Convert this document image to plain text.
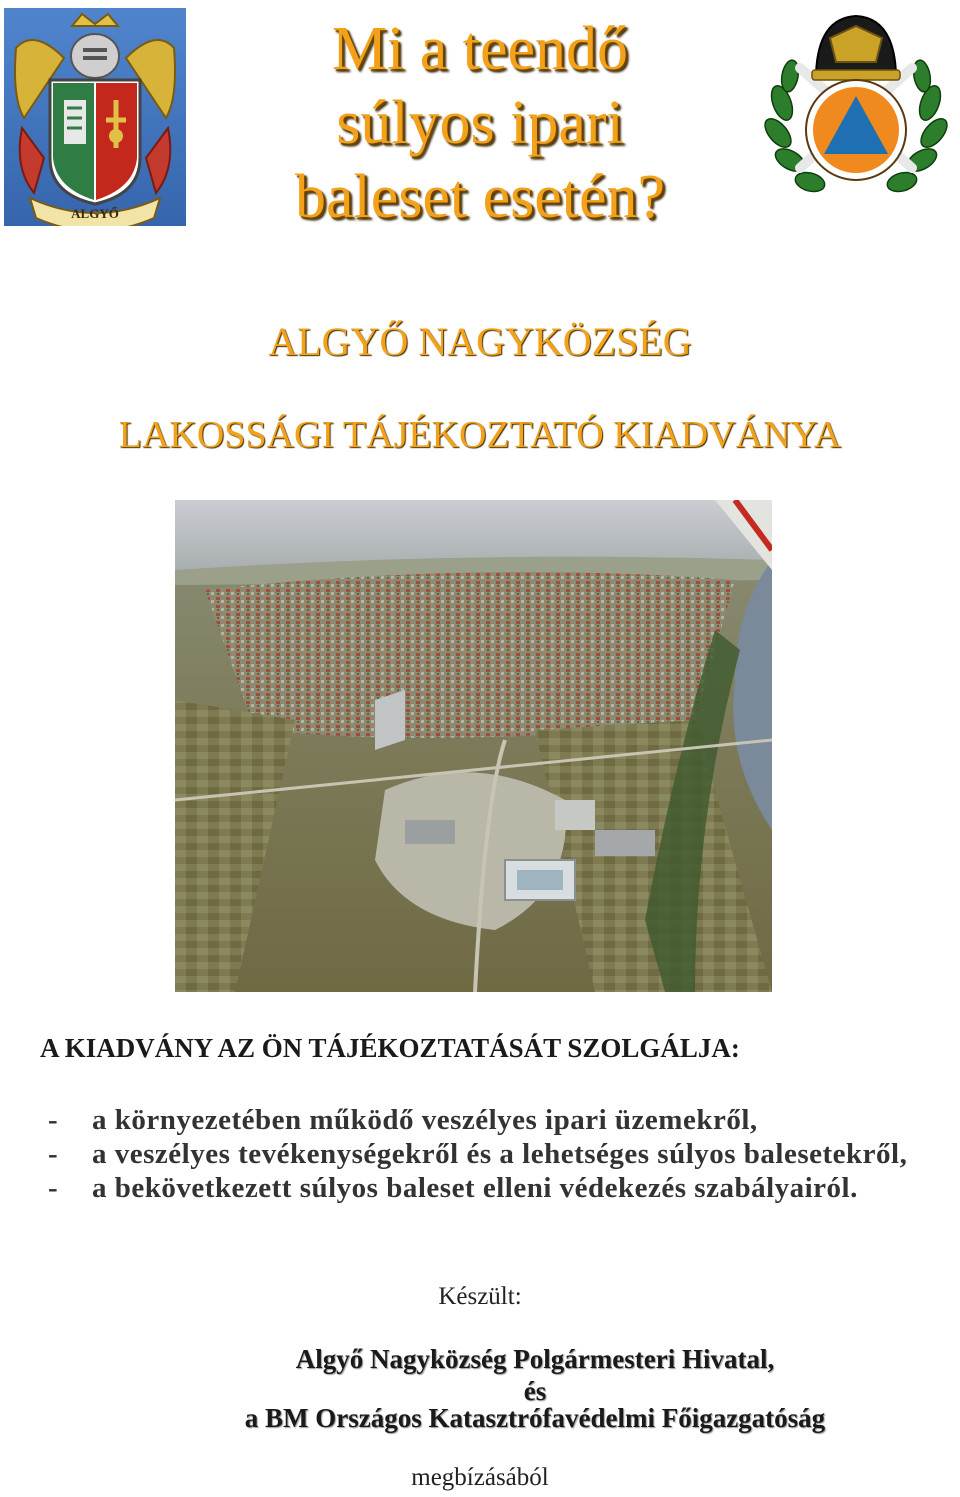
ALGYŐ
Mi a teendő
súlyos ipari
baleset esetén?
ALGYŐ NAGYKÖZSÉG
LAKOSSÁGI TÁJÉKOZTATÓ KIADVÁNYA
A KIADVÁNY AZ ÖN TÁJÉKOZTATÁSÁT SZOLGÁLJA:
- a környezetében működő veszélyes ipari üzemekről,
- a veszélyes tevékenységekről és a lehetséges súlyos balesetekről,
- a bekövetkezett súlyos baleset elleni védekezés szabályairól.
Készült:
Algyő Nagyközség Polgármesteri Hivatal,
és
a BM Országos Katasztrófavédelmi Főigazgatóság
megbízásából
